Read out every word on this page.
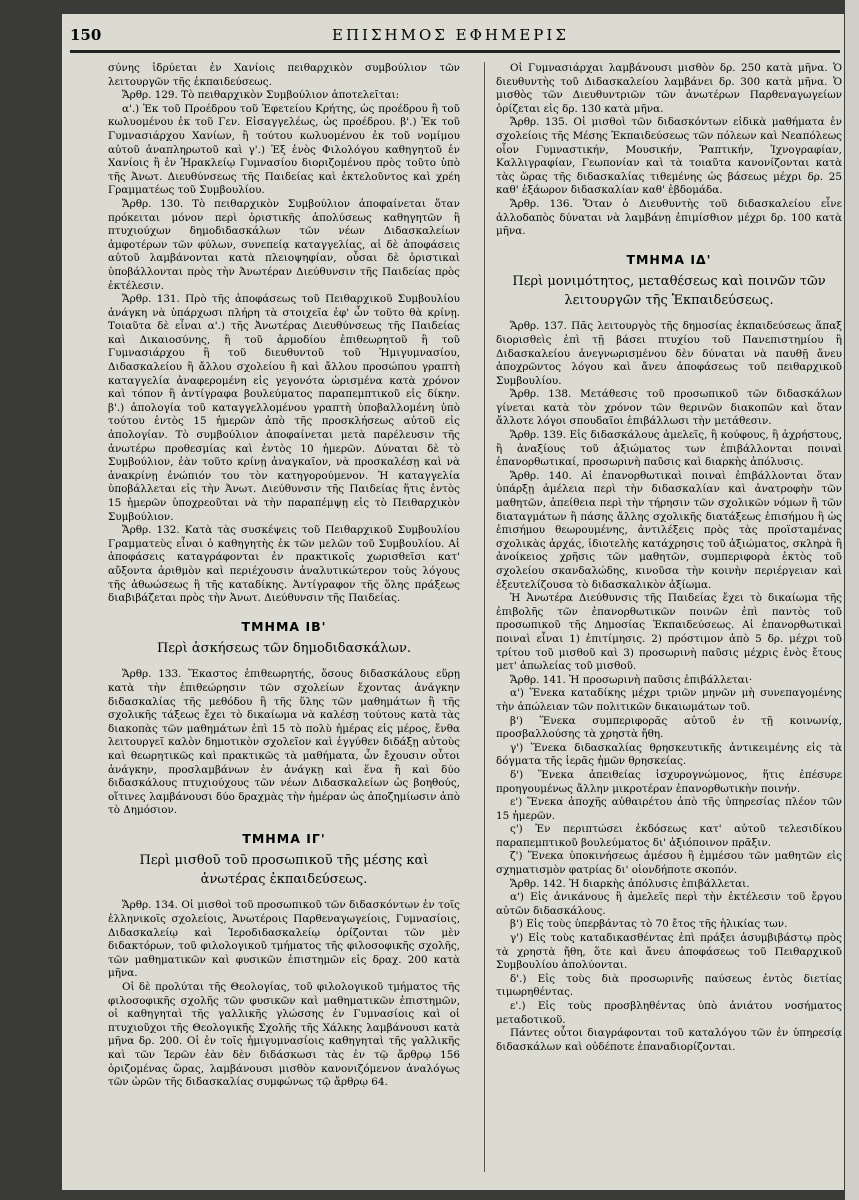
150	ΕΠΙΣΗΜΟΣ ΕΦΗΜΕΡΙΣ

σύνης ἱδρύεται ἐν Χανίοις πειθαρχικὸν συμβούλιον τῶν λειτουργῶν τῆς ἐκπαιδεύσεως.

Ἄρθρ. 129. Τὸ πειθαρχικὸν Συμβούλιον ἀποτελεῖται:

α'.) Ἐκ τοῦ Προέδρου τοῦ Ἐφετείου Κρήτης, ὡς προέδρου ἢ τοῦ κωλυομένου ἐκ τοῦ Γεν. Εἰσαγγελέως, ὡς προέδρου. β'.) Ἐκ τοῦ Γυμνασιάρχου Χανίων, ἢ τούτου κωλυομένου ἐκ τοῦ νομίμου αὐτοῦ ἀναπληρωτοῦ καὶ γ'.) Ἐξ ἑνὸς Φιλολόγου καθηγητοῦ ἐν Χανίοις ἢ ἐν Ἡρακλείῳ Γυμνασίου διοριζομένου πρὸς τοῦτο ὑπὸ τῆς Ἀνωτ. Διευθύνσεως τῆς Παιδείας καὶ ἐκτελοῦντος καὶ χρέη Γραμματέως τοῦ Συμβουλίου.

Ἄρθρ. 130. Τὸ πειθαρχικὸν Συμβούλιον ἀποφαίνεται ὅταν πρόκειται μόνον περὶ ὁριστικῆς ἀπολύσεως καθηγητῶν ἢ πτυχιούχων δημοδιδασκάλων τῶν νέων Διδασκαλείων ἀμφοτέρων τῶν φύλων, συνεπείᾳ καταγγελίας, αἱ δὲ ἀποφάσεις αὐτοῦ λαμβάνονται κατὰ πλειοψηφίαν, οὖσαι δὲ ὁριστικαὶ ὑποβάλλονται πρὸς τὴν Ἀνωτέραν Διεύθυνσιν τῆς Παιδείας πρὸς ἐκτέλεσιν.

Ἄρθρ. 131. Πρὸ τῆς ἀποφάσεως τοῦ Πειθαρχικοῦ Συμβουλίου ἀνάγκη νὰ ὑπάρχωσι πλήρη τὰ στοιχεῖα ἐφ' ὧν τοῦτο θὰ κρίνῃ. Τοιαῦτα δὲ εἶναι α'.) τῆς Ἀνωτέρας Διευθύνσεως τῆς Παιδείας καὶ Δικαιοσύνης, ἢ τοῦ ἁρμοδίου ἐπιθεωρητοῦ ἢ τοῦ Γυμνασιάρχου ἢ τοῦ διευθυντοῦ τοῦ Ἡμιγυμνασίου, Διδασκαλείου ἢ ἄλλου σχολείου ἢ καὶ ἄλλου προσώπου γραπτὴ καταγγελία ἀναφερομένη εἰς γεγονότα ὡρισμένα κατὰ χρόνον καὶ τόπον ἢ ἀντίγραφα βουλεύματος παραπεμπτικοῦ εἰς δίκην. β'.) ἀπολογία τοῦ καταγγελλομένου γραπτὴ ὑποβαλλομένη ὑπὸ τούτου ἐντὸς 15 ἡμερῶν ἀπὸ τῆς προσκλήσεως αὐτοῦ εἰς ἀπολογίαν. Τὸ συμβούλιον ἀποφαίνεται μετὰ παρέλευσιν τῆς ἀνωτέρω προθεσμίας καὶ ἐντὸς 10 ἡμερῶν. Δύναται δὲ τὸ Συμβούλιον, ἐὰν τοῦτο κρίνῃ ἀναγκαῖον, νὰ προσκαλέσῃ καὶ νὰ ἀνακρίνῃ ἐνώπιόν του τὸν κατηγορούμενον. Ἡ καταγγελία ὑποβάλλεται εἰς τὴν Ἀνωτ. Διεύθυνσιν τῆς Παιδείας ἥτις ἐντὸς 15 ἡμερῶν ὑποχρεοῦται νὰ τὴν παραπέμψῃ εἰς τὸ Πειθαρχικὸν Συμβούλιον.

Ἄρθρ. 132. Κατὰ τὰς συσκέψεις τοῦ Πειθαρχικοῦ Συμβουλίου Γραμματεὺς εἶναι ὁ καθηγητὴς ἐκ τῶν μελῶν τοῦ Συμβουλίου. Αἱ ἀποφάσεις καταγράφονται ἐν πρακτικοῖς χωρισθεῖσι κατ' αὔξοντα ἀριθμὸν καὶ περιέχουσιν ἀναλυτικώτερον τοὺς λόγους τῆς ἀθωώσεως ἢ τῆς καταδίκης. Ἀντίγραφον τῆς ὅλης πράξεως διαβιβάζεται πρὸς τὴν Ἀνωτ. Διεύθυνσιν τῆς Παιδείας.

ΤΜΗΜΑ ΙΒ'
Περὶ ἀσκήσεως τῶν δημοδιδασκάλων.

Ἄρθρ. 133. Ἕκαστος ἐπιθεωρητής, ὅσους διδασκάλους εὕρῃ κατὰ τὴν ἐπιθεώρησιν τῶν σχολείων ἔχοντας ἀνάγκην διδασκαλίας τῆς μεθόδου ἢ τῆς ὕλης τῶν μαθημάτων ἢ τῆς σχολικῆς τάξεως ἔχει τὸ δικαίωμα νὰ καλέσῃ τούτους κατὰ τὰς διακοπὰς τῶν μαθημάτων ἐπὶ 15 τὸ πολὺ ἡμέρας εἰς μέρος, ἔνθα λειτουργεῖ καλὸν δημοτικὸν σχολεῖον καὶ ἐγγύθεν διδάξῃ αὐτοὺς καὶ θεωρητικῶς καὶ πρακτικῶς τὰ μαθήματα, ὧν ἔχουσιν οὗτοι ἀνάγκην, προσλαμβάνων ἐν ἀνάγκῃ καὶ ἕνα ἢ καὶ δύο διδασκάλους πτυχιούχους τῶν νέων Διδασκαλείων ὡς βοηθούς, οἵτινες λαμβάνουσι δύο δραχμὰς τὴν ἡμέραν ὡς ἀποζημίωσιν ἀπὸ τὸ Δημόσιον.

ΤΜΗΜΑ ΙΓ'
Περὶ μισθοῦ τοῦ προσωπικοῦ τῆς μέσης καὶ ἀνωτέρας ἐκπαιδεύσεως.

Ἄρθρ. 134. Οἱ μισθοὶ τοῦ προσωπικοῦ τῶν διδασκόντων ἐν τοῖς ἑλληνικοῖς σχολείοις, Ἀνωτέροις Παρθεναγωγείοις, Γυμνασίοις, Διδασκαλείῳ καὶ Ἱεροδιδασκαλείῳ ὁρίζονται τῶν μὲν διδακτόρων, τοῦ φιλολογικοῦ τμήματος τῆς φιλοσοφικῆς σχολῆς, τῶν μαθηματικῶν καὶ φυσικῶν ἐπιστημῶν εἰς δραχ. 200 κατὰ μῆνα.

Οἱ δὲ προλύται τῆς Θεολογίας, τοῦ φιλολογικοῦ τμήματος τῆς φιλοσοφικῆς σχολῆς τῶν φυσικῶν καὶ μαθηματικῶν ἐπιστημῶν, οἱ καθηγηταὶ τῆς γαλλικῆς γλώσσης ἐν Γυμνασίοις καὶ οἱ πτυχιοῦχοι τῆς Θεολογικῆς Σχολῆς τῆς Χάλκης λαμβάνουσι κατὰ μῆνα δρ. 200. Οἱ ἐν τοῖς ἡμιγυμνασίοις καθηγηταὶ τῆς γαλλικῆς καὶ τῶν Ἱερῶν ἐὰν δὲν διδάσκωσι τὰς ἐν τῷ ἄρθρῳ 156 ὁριζομένας ὥρας, λαμβάνουσι μισθὸν κανονιζόμενον ἀναλόγως τῶν ὡρῶν τῆς διδασκαλίας συμφώνως τῷ ἄρθρῳ 64.

Οἱ Γυμνασιάρχαι λαμβάνουσι μισθὸν δρ. 250 κατὰ μῆνα. Ὁ διευθυντὴς τοῦ Διδασκαλείου λαμβάνει δρ. 300 κατὰ μῆνα. Ὁ μισθὸς τῶν Διευθυντριῶν τῶν ἀνωτέρων Παρθεναγωγείων ὁρίζεται εἰς δρ. 130 κατὰ μῆνα.

Ἄρθρ. 135. Οἱ μισθοὶ τῶν διδασκόντων εἰδικὰ μαθήματα ἐν σχολείοις τῆς Μέσης Ἐκπαιδεύσεως τῶν πόλεων καὶ Νεαπόλεως οἷον Γυμναστικήν, Μουσικήν, Ῥαπτικήν, Ἰχνογραφίαν, Καλλιγραφίαν, Γεωπονίαν καὶ τὰ τοιαῦτα κανονίζονται κατὰ τὰς ὥρας τῆς διδασκαλίας τιθεμένης ὡς βάσεως μέχρι δρ. 25 καθ' ἑξάωρον διδασκαλίαν καθ' ἑβδομάδα.

Ἄρθρ. 136. Ὅταν ὁ Διευθυντὴς τοῦ διδασκαλείου εἶνε ἀλλοδαπὸς δύναται νὰ λαμβάνῃ ἐπιμίσθιον μέχρι δρ. 100 κατὰ μῆνα.

ΤΜΗΜΑ ΙΔ'
Περὶ μονιμότητος, μεταθέσεως καὶ ποινῶν τῶν λειτουργῶν τῆς Ἐκπαιδεύσεως.

Ἄρθρ. 137. Πᾶς λειτουργὸς τῆς δημοσίας ἐκπαιδεύσεως ἅπαξ διορισθεὶς ἐπὶ τῇ βάσει πτυχίου τοῦ Πανεπιστημίου ἢ Διδασκαλείου ἀνεγνωρισμένου δὲν δύναται νὰ παυθῇ ἄνευ ἀποχρῶντος λόγου καὶ ἄνευ ἀποφάσεως τοῦ πειθαρχικοῦ Συμβουλίου.

Ἄρθρ. 138. Μετάθεσις τοῦ προσωπικοῦ τῶν διδασκάλων γίνεται κατὰ τὸν χρόνον τῶν θερινῶν διακοπῶν καὶ ὅταν ἄλλοτε λόγοι σπουδαῖοι ἐπιβάλλωσι τὴν μετάθεσιν.

Ἄρθρ. 139. Εἰς διδασκάλους ἀμελεῖς, ἢ κούφους, ἢ ἀχρήστους, ἢ ἀναξίους τοῦ ἀξιώματος των ἐπιβάλλονται ποιναὶ ἐπανορθωτικαί, προσωρινὴ παῦσις καὶ διαρκὴς ἀπόλυσις.

Ἄρθρ. 140. Αἱ ἐπανορθωτικαὶ ποιναὶ ἐπιβάλλονται ὅταν ὑπάρξῃ ἀμέλεια περὶ τὴν διδασκαλίαν καὶ ἀνατροφὴν τῶν μαθητῶν, ἀπείθεια περὶ τὴν τήρησιν τῶν σχολικῶν νόμων ἢ τῶν διαταγμάτων ἢ πάσης ἄλλης σχολικῆς διατάξεως ἐπισήμου ἢ ὡς ἐπισήμου θεωρουμένης, ἀντιλέξεις πρὸς τὰς προϊσταμένας σχολικὰς ἀρχάς, ἰδιοτελὴς κατάχρησις τοῦ ἀξιώματος, σκληρὰ ἢ ἀνοίκειος χρῆσις τῶν μαθητῶν, συμπεριφορὰ ἐκτὸς τοῦ σχολείου σκανδαλώδης, κινοῦσα τὴν κοινὴν περιέργειαν καὶ ἐξευτελίζουσα τὸ διδασκαλικὸν ἀξίωμα.

Ἡ Ἀνωτέρα Διεύθυνσις τῆς Παιδείας ἔχει τὸ δικαίωμα τῆς ἐπιβολῆς τῶν ἐπανορθωτικῶν ποινῶν ἐπὶ παντὸς τοῦ προσωπικοῦ τῆς Δημοσίας Ἐκπαιδεύσεως. Αἱ ἐπανορθωτικαὶ ποιναὶ εἶναι 1) ἐπιτίμησις. 2) πρόστιμον ἀπὸ 5 δρ. μέχρι τοῦ τρίτου τοῦ μισθοῦ καὶ 3) προσωρινὴ παῦσις μέχρις ἑνὸς ἔτους μετ' ἀπωλείας τοῦ μισθοῦ.

Ἄρθρ. 141. Ἡ προσωρινὴ παῦσις ἐπιβάλλεται·

α') Ἕνεκα καταδίκης μέχρι τριῶν μηνῶν μὴ συνεπαγομένης τὴν ἀπώλειαν τῶν πολιτικῶν δικαιωμάτων τοῦ.

β') Ἕνεκα συμπεριφορᾶς αὐτοῦ ἐν τῇ κοινωνίᾳ, προσβαλλούσης τὰ χρηστὰ ἤθη.

γ') Ἕνεκα διδασκαλίας θρησκευτικῆς ἀντικειμένης εἰς τὰ δόγματα τῆς ἱερᾶς ἡμῶν θρησκείας.

δ') Ἕνεκα ἀπειθείας ἰσχυρογνώμονος, ἥτις ἐπέσυρε προηγουμένως ἄλλην μικροτέραν ἐπανορθωτικὴν ποινήν.

ε') Ἕνεκα ἀποχῆς αὐθαιρέτου ἀπὸ τῆς ὑπηρεσίας πλέον τῶν 15 ἡμερῶν.

ς') Ἐν περιπτώσει ἐκδόσεως κατ' αὐτοῦ τελεσιδίκου παραπεμπτικοῦ βουλεύματος δι' ἀξιόποινον πρᾶξιν.

ζ') Ἕνεκα ὑποκινήσεως ἀμέσου ἢ ἐμμέσου τῶν μαθητῶν εἰς σχηματισμὸν φατρίας δι' οἱονδήποτε σκοπόν.

Ἄρθρ. 142. Ἡ διαρκὴς ἀπόλυσις ἐπιβάλλεται.

α') Εἰς ἀνικάνους ἢ ἀμελεῖς περὶ τὴν ἐκτέλεσιν τοῦ ἔργου αὐτῶν διδασκάλους.

β') Εἰς τοὺς ὑπερβάντας τὸ 70 ἔτος τῆς ἡλικίας των.

γ') Εἰς τοὺς καταδικασθέντας ἐπὶ πράξει ἀσυμβιβάστῳ πρὸς τὰ χρηστὰ ἤθη, ὅτε καὶ ἄνευ ἀποφάσεως τοῦ Πειθαρχικοῦ Συμβουλίου ἀπολύονται.

δ'.) Εἰς τοὺς διὰ προσωρινῆς παύσεως ἐντὸς διετίας τιμωρηθέντας.

ε'.) Εἰς τοὺς προσβληθέντας ὑπὸ ἀνιάτου νοσήματος μεταδοτικοῦ.

Πάντες οὗτοι διαγράφονται τοῦ καταλόγου τῶν ἐν ὑπηρεσίᾳ διδασκάλων καὶ οὐδέποτε ἐπαναδιορίζονται.
